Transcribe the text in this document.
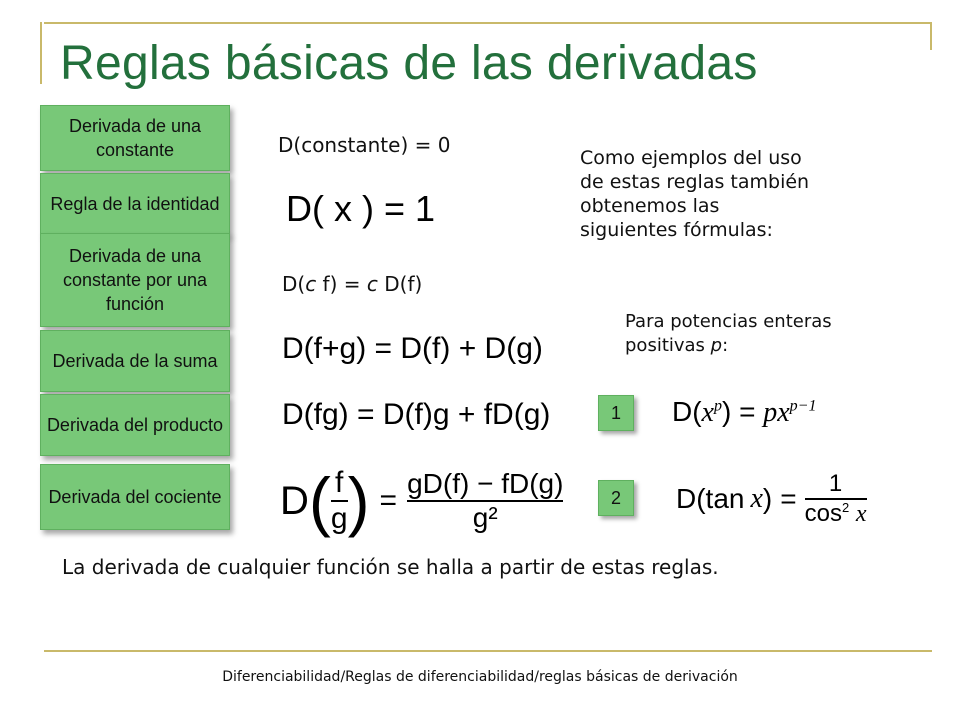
Reglas básicas de las derivadas
Derivada de una constante
Regla de la identidad
Derivada de una constante por una función
Derivada de la suma
Derivada del producto
Derivada del cociente
D(constante) = 0
D( x ) = 1
D(c f) = c D(f)
D(f+g) = D(f) + D(g)
D(fg) = D(f)g + fD(g)
D ( $\frac{f}{g}$ ) = $\frac{gD(f) - fD(g)}{\text{g²}}$
Como ejemplos del uso de estas reglas también obtenemos las siguientes fórmulas:
Para potencias enteras positivas p:
1
2
$D(x^p) = px^{p-1}$
D(tan x ) = $\frac{1}{\cos^2 x}$
La derivada de cualquier función se halla a partir de estas reglas.
Diferenciabilidad/Reglas de diferenciabilidad/reglas básicas de derivación
